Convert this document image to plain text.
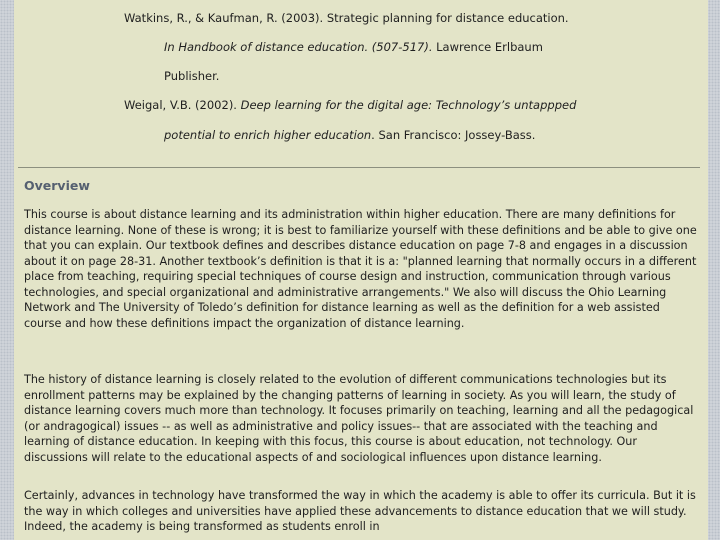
Watkins, R., & Kaufman, R. (2003). Strategic planning for distance education.
In Handbook of distance education. (507-517). Lawrence Erlbaum
Publisher.
Weigal, V.B. (2002). Deep learning for the digital age: Technology’s untappped
potential to enrich higher education. San Francisco: Jossey-Bass.
Overview

This course is about distance learning and its administration within higher education. There are many definitions for distance learning. None of these is wrong; it is best to familiarize yourself with these definitions and be able to give one that you can explain. Our textbook defines and describes distance education on page 7-8 and engages in a discussion about it on page 28-31. Another textbook’s definition is that it is a: "planned learning that normally occurs in a different place from teaching, requiring special techniques of course design and instruction, communication through various technologies, and special organizational and administrative arrangements." We also will discuss the Ohio Learning Network and The University of Toledo’s definition for distance learning as well as the definition for a web assisted course and how these definitions impact the organization of distance learning.

The history of distance learning is closely related to the evolution of different communications technologies but its enrollment patterns may be explained by the changing patterns of learning in society. As you will learn, the study of distance learning covers much more than technology. It focuses primarily on teaching, learning and all the pedagogical (or andragogical) issues -- as well as administrative and policy issues-- that are associated with the teaching and learning of distance education. In keeping with this focus, this course is about education, not technology. Our discussions will relate to the educational aspects of and sociological influences upon distance learning.

Certainly, advances in technology have transformed the way in which the academy is able to offer its curricula. But it is the way in which colleges and universities have applied these advancements to distance education that we will study. Indeed, the academy is being transformed as students enroll in
